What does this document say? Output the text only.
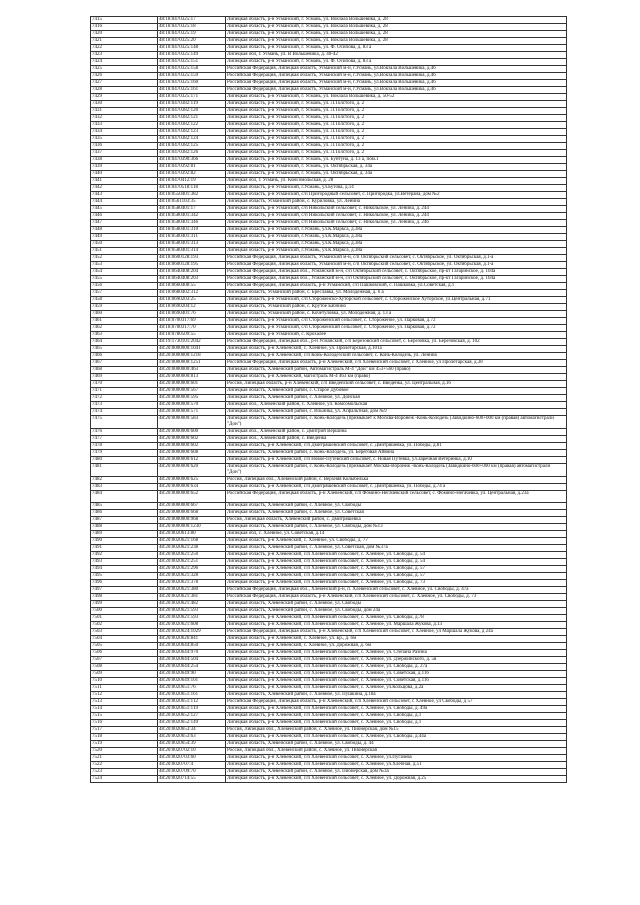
7415	48:18:0470325:17	Липецкая область, р-н Усманский, г. Усмань, ул. Вокзала Вольшевика, д. 28
7416	48:18:0470325:18	Липецкая область, р-н Усманский, г. Усмань, ул. Вокзала Вольшевика, д. 28
7420	48:18:0470325:19	Липецкая область, р-н Усманский, г. Усмань, ул. Вокзала Вольшевика, д. 28
7421	48:18:0470325:20	Липецкая область, р-н Усманский, г. Усмань, ул. Вокзала Вольшевика, д. 28
7422	48:18:0470325:148	Липецкая область, р-н Усманский, г. Усмань, ул. Ф. Осипова, д. 83 а
7423	48:18:0470325:149	Липецкая обл, г. Усмань, ул. В Вольшевика, д. 40-42
7424	48:18:0470325:151	Липецкая область, р-н Усманский, г. Усмань, ул. Ф. Осипова, д. 83 а
7425	48:18:0470325:158	Российская Федерация, Липецкая область, Усманский м-н, г.Усмань, ул.Вокзала Вольшевика, д.46
7426	48:18:0470325:159	Российская Федерация, Липецкая область, Усманский м-н, г.Усмань, ул.Вокзала Вольшевика, д.46
7427	48:18:0470325:160	Российская Федерация, Липецкая область, Усманский м-н, г.Усмань, ул.Вокзала Вольшевика, д.46
7428	48:18:0470325:161	Российская Федерация, Липецкая область, Усманский м-н, г.Усмань, ул.Вокзала Вольшевика, д.46
7429	48:18:0470325:171	Липецкая область, р-н Усманский, г. Усмань, ул. Вокзала Вольшевика, д. 50-52
7430	48:18:0470382:119	Липецкая область, р-н Усманский, г. Усмань, ул. Л.Толстого, д. 2
7431	48:18:0470382:120	Липецкая область, р-н Усманский, г. Усмань, ул. Л.Толстого, д. 2
7432	48:18:0470382:121	Липецкая область, р-н Усманский, г. Усмань, ул. Л.Толстого, д. 2
7433	48:18:0470382:122	Липецкая область, р-н Усманский, г. Усмань, ул. Л.Толстого, д. 2
7434	48:18:0470382:123	Липецкая область, р-н Усманский, г. Усмань, ул. Л.Толстого, д. 2
7435	48:18:0470382:124	Липецкая область, р-н Усманский, г. Усмань, ул. Л.Толстого, д. 2
7436	48:18:0470382:125	Липецкая область, р-н Усманский, г. Усмань, ул. Л.Толстого, д. 2
7437	48:18:0470382:126	Липецкая область, р-н Усманский, г. Усмань, ул. Л.Толстого, д. 2
7438	48:18:0470390:366	Липецкая область, р-н Усманский, г. Усмань, ул. Бунтуна, д. 13 а, пом.1
7439	48:18:0470392:81	Липецкая область, р-н Усманский, г. Усмань, ул. Октябрьская, д. 34а
7440	48:18:0470392:82	Липецкая область, р-н Усманский, г. Усмань, ул. Октябрьская, д. 34а
7441	48:18:0470412:19	Липецкая обл, г. Усмань, ул. Комсомольская, д. 28
7442	48:18:0470518:118	Липецкая область, р-н Усманский, г.Усмань, ул.Бутова, д.14
7443	48:18:0550401:382	Липецкая область, р-н Усманский, с/п Пригородный сельсовет, с. Пригородка, ул.Ветерана, дом №2
7444	48:18:0561103:35	Липецкая область, Усманский район, с. Куриловка, ул. Ленина
7445	48:18:0580401:17	Липецкая область, р-н Усманский, с/п Никольский сельсовет, с. Никольское, ул. Ленина, д. 244
7446	48:18:0580401:342	Липецкая область, р-н Усманский, с/п Никольский сельсовет, с. Никольское, ул. Ленина, д. 244
7447	48:18:0580401:346	Липецкая область, р-н Усманский, с/п Никольский сельсовет, с. Никольское, ул. Ленина, д. 246
7448	48:18:0580401:310	Липецкая область, р-н Усманский, г.Усмань, ул.К.Маркса, д.38а
7449	48:18:0580401:311	Липецкая область, р-н Усманский, г.Усмань, ул.К.Маркса, д.38а
7450	48:18:0580401:313	Липецкая область, р-н Усманский, г.Усмань, ул.К.Маркса, д.38а
7451	48:18:0580401:314	Липецкая область, р-н Усманский, г.Усмань, ул.К.Маркса, д.38а
7452	48:18:0600128:193	Российская Федерация, Липецкая область, Усманский м-н, с/п Октябрьский сельсовет, с. Октябрьское, ул. Октябрьская, д.1-а
7453	48:18:0600128:195	Российская Федерация, Липецкая область, Усманский м-н, с/п Октябрьский сельсовет, с. Октябрьское, ул. Октябрьская, д.1-а
7454	48:18:0640408:204	Российская Федерация, Липецкая обл., Усманский м-н, с/п Октябрьский сельсовет, с. Октябрьское, пр-кт Гагаринское, д. 104а
7455	48:18:0640408:203	Российская Федерация, Липецкая обл., Усманский м-н, с/п Октябрьский сельсовет, с. Октябрьское, пр-кт Гагаринское, д. 104а
7456	48:18:0660408:55	Российская Федерация, Липецкая область, р-н Усманский, с/п Пашковский, с. Пашковка, ул.Советская, д.1
7457	48:18:0680402:312	Липецкая область, Усманский район, с. Бреславка, ул. Молодёжная, д. 6 а
7458	48:18:0690203:25	Липецкая область, р-н Усманский, с/п Стороженско-Хуторской сельсовет, с. Стороженское Хуторское, ул.Центральная, д.71
7459	48:18:0690204:12	Липецкая область, Усманский район, с. Крутое Бабчино
7460	48:18:0690401:76	Липецкая область, Усманский район, с. Кочетуловка, ул. Молодежная, д. 13 а
7461	48:18:0700317:69	Липецкая область, р-н Усманский, с/п Стороженский сельсовет, с. Стороженое, ул. Парковая, д.72
7462	48:18:0700317:70	Липецкая область, р-н Усманский, с/п Стороженский сельсовет, с. Стороженое, ул. Парковая, д.72
7463	48:18:0780509:55	Липецкая область, р-н Усманский, с. Крохалее
7464	48:19:1730101:2042	Российская Федерация, Липецкая обл., р-н Усманский, с/п Березовский сельсовет, с. Березовка, ул. Березовская, д. 102
7465	48:20:0000000:1041	Липецкая область, р-н Хлевенский, с. Хлевное, ул. Пролетарская, д.101а
7466	48:20:0000000:1218	Липецкая область, р-н Хлевенский, с/п Конь-Колодезский сельсовет, с. Конь-Колодезь, ул. Ленина
7467	48:20:0000000:1251	Российская Федерация, Липецкая область, р-н Хлевенский, с/п Хлевенский сельсовет, с Хлевное, ул Пролетарская, д.38
7468	48:20:0000000:463	Липецкая область, Хлевенский район, Автомагистраль М-4 "Дон" км 453+560 (право)
7469	48:20:0000000:813	Липецкая область, р-н Хлевенский, магистраль М-4 463 км (право)
7470	48:20:0000000:601	Россия, Липецкая область, р-н Хлевенский, с/п Введенский сельсовет, с. Введенка, ул. Центральная, д.16
7471	48:20:0000000:567	Липецкая область, Хлевенский район, с. Старое Дубовое
7472	48:20:0000000:595	Липецкая область, Хлевенский район, с. Хлевное, ул. Донская
7473	48:20:0000000:570	Липецкая обл., Хлевенский район, с. Хлевное, ул. Комсомольская
7474	48:20:0000000:571	Липецкая область, Хлевенский район, с. Ильинка, ул. Асфальтная, дом №9
7475	48:20:0000000:583	Липецкая область, Хлевенский район, с. Конь-Колодезь (примыкает к Москва-Воронеж -Конь-Колодезь (Завидкино-600+000 км (правая) автомагистрали "Дон")
7476	48:20:0000000:600	Липецкая обл., Хлевенский район, с. Дмитрий Вершина
7477	48:20:0000000:602	Липецкая обл., Хлевенский район, с. Введенка
7478	48:20:0000000:602	Липецкая область, р-н Хлевенский, с/п Дмитряшевский сельсовет, с. Дмитряшевка, ул. Победы, д.81
7479	48:20:0000000:608	Липецкая область, Хлевенский район, с. Конь-Колодезь, ул. Береговая Айвина
7480	48:20:0000000:612	Липецкая область, р-н Хлевенский, с/п Новое-Путевский сельсовет, с. Новая Путевка, ул.Заречная Ветеринка, д.10
7481	48:20:0000000:620	Липецкая область, Хлевенский район, с. Конь-Колодезь (примыкает Москва-Воронеж -Конь-Колодезь (Завидкино-600+000 км (правая) автомагистрали "Дон")
7482	48:20:0000000:625	Россия, Липецкая обл., Хлевенский район, с. Верхняя Колыбелька
7483	48:20:0000000:634	Липецкая область, р-н Хлевенский, с/п Дмитряшевский сельсовет, с. Дмитряшевка, ул. Победы, д.74 а
7484	48:20:0000000:652	Российская Федерация, Липецкая область, р-н Хлевенский, с/п Фомино-Негачевский сельсовет, с. Фомино-Негачевка, ул. Центральная, д.23а
7485	48:20:0000000:667	Липецкая область, Хлевенский район, с. Хлевное, ул. Свободы
7486	48:20:0000000:668	Липецкая область, Хлевенский район, с. Хлевное, ул. Советская
7487	48:20:0000000:968	Россия, Липецкая область, Хлевенский район, с. Дмитряшевка
7488	48:20:0000000:1230	Липецкая область, Хлевенский район, с. Хлевное, ул. Свободы, дом №13
7489	48:20:0020613:80	Липецкая обл, с. Хлевное, ул. Советская, д.14
7490	48:20:0020621:168	Липецкая область, р-н Хлевенский, с. Хлевное, ул. Свободы, д. 77
7491	48:20:0020621:238	Липецкая область, Хлевенский район, с. Хлевное, ул. Советская, дом №37а
7492	48:20:0020621:250	Липецкая область, р-н Хлевенский, с/п Хлевенский сельсовет, с. Хлевное, ул. Свободы, д. 54
7493	48:20:0020621:251	Липецкая область, р-н Хлевенский, с/п Хлевенский сельсовет, с. Хлевное, ул. Свободы, д. 54
7494	48:20:0020621:296	Липецкая область, р-н Хлевенский, с/п Хлевенский сельсовет, с. Хлевное, ул. Свободы, д. 57
7495	48:20:0020621:328	Липецкая область, р-н Хлевенский, с/п Хлевенский сельсовет, с. Хлевное, ул. Свободы, д. 57
7496	48:20:0020621:378	Липецкая область, р-н Хлевенский, с/п Хлевенский сельсовет, с. Хлевное, ул. Свободы, д. 73
7497	48:20:0020621:380	Российская Федерация, Липецкая обл., Хлевенский р-н, п. Хлевенский сельсовет, с. Хлевное, ул. Свободы, д. 47а
7498	48:20:0020621:381	Российская Федерация, Липецкая область, р-н Хлевенский, с/п Хлевенский сельсовет, с. Хлевное, ул. Свободы, д. 73
7499	48:20:0020621:482	Липецкая область, Хлевенский район, с. Хлевное, ул. Свободы
7500	48:20:0020621:593	Липецкая область, Хлевенский район, с. Хлевное, ул. Свободы, дом 24а
7501	48:20:0020621:593	Липецкая область, р-н Хлевенский, с/п Хлевенский сельсовет, с. Хлевное, ул. Свободы, д.78
7502	48:20:0020621:608	Липецкая область, р-н Хлевенский, с/п Хлевенский сельсовет, с. Хлевное, ул. Маршала Жукова, д.13
7503	48:20:0020624:1029	Российская Федерация, Липецкая область, р-н Хлевенский, с/п Хлевенский сельсовет, с Хлевное, ул Маршала Жукова, д 24а
7504	48:20:0020626:841	Липецкая область, р-н Хлевенский, с. Хлевное, ул. Бр., д. 6м
7505	48:20:0020644:850	Липецкая область, р-н Хлевенский, с. Хлевное, ул. Дорожная, д. 6м
7506	48:20:0020644:970	Липецкая область, р-н Хлевенский, с/п Хлевенский сельсовет, с. Хлевное, ул. Степана Разина
7507	48:20:0020644:504	Липецкая область, р-н Хлевенский, с/п Хлевенский сельсовет, с. Хлевное, ул. Дзержинского, д. 5в
7508	48:20:0020644:254	Липецкая область, р-н Хлевенский, с/п Хлевенский сельсовет, с. Хлевное, ул. Свободы, д. 27а
7509	48:20:0020649:90	Липецкая область, р-н Хлевенский, с/п Хлевенский сельсовет, с. Хлевное, ул. Советская, д.116
7510	48:20:0020649:101	Липецкая область, р-н Хлевенский, с/п Хлевенский сельсовет, с. Хлевное, ул. Советская, д.116
7511	48:20:0020651:76	Липецкая область, р-н Хлевенский, с/п Хлевенский сельсовет, с. Хлевное, ул.Кольцова, д.2а
7512	48:20:0020651:161	Липецкая область, Хлевенский район, с. Хлевное, ул. Пушкина, д.18а
7513	48:20:0020651:112	Российская Федерация, Липецкая область, р-н Хлевенский, с/п Хлевенский сельсовет, с Хлевное, ул Свободы, д 57
7514	48:20:0020651:119	Липецкая область, р-н Хлевенский, с/п Хлевенский сельсовет, с. Хлевное, ул. Свободы, д. 49а
7515	48:20:0020652:127	Липецкая область, р-н Хлевенский, с/п Хлевенский сельсовет, с. Хлевное, ул. Свободы, д.1
7516	48:20:0020652:149	Липецкая область, р-н Хлевенский, с/п Хлевенский сельсовет, с. Хлевное, ул. Свободы, д.1
7517	48:20:0020653:34	Россия, Липецкая обл., Хлевенский район, с. Хлевное, ул. Пионерская, дом №15
7518	48:20:0020653:63	Липецкая область, р-н Хлевенский, с/п Хлевенский сельсовет, с. Хлевное, ул. Свободы, д.44а
7519	48:20:0020654:39	Липецкая область, Хлевенский район, с. Хлевное, ул. Свободы, д. 44
7520	48:20:0020702:10	Россия, Липецкая обл., Хлевенский район, с. Хлевное, ул. Пионерская
7521	48:20:0020703:60	Липецкая область, р-н Хлевенский, с/п Хлевенский сельсовет, с. Хлевное, ул.Пугачева
7522	48:20:0020707:4	Липецкая область, р-н Хлевенский, с/п Хлевенский сельсовет, с. Хлевное, ул.Хлебная, д.51
7523	48:20:0020709:70	Липецкая область, Хлевенский район, с. Хлевное, ул. Пионерская, дом №3а
7524	48:20:0020714:55	Липецкая область, р-н Хлевенский, с/п Хлевенский сельсовет, с. Хлевное, ул. Дорожная, д.25
